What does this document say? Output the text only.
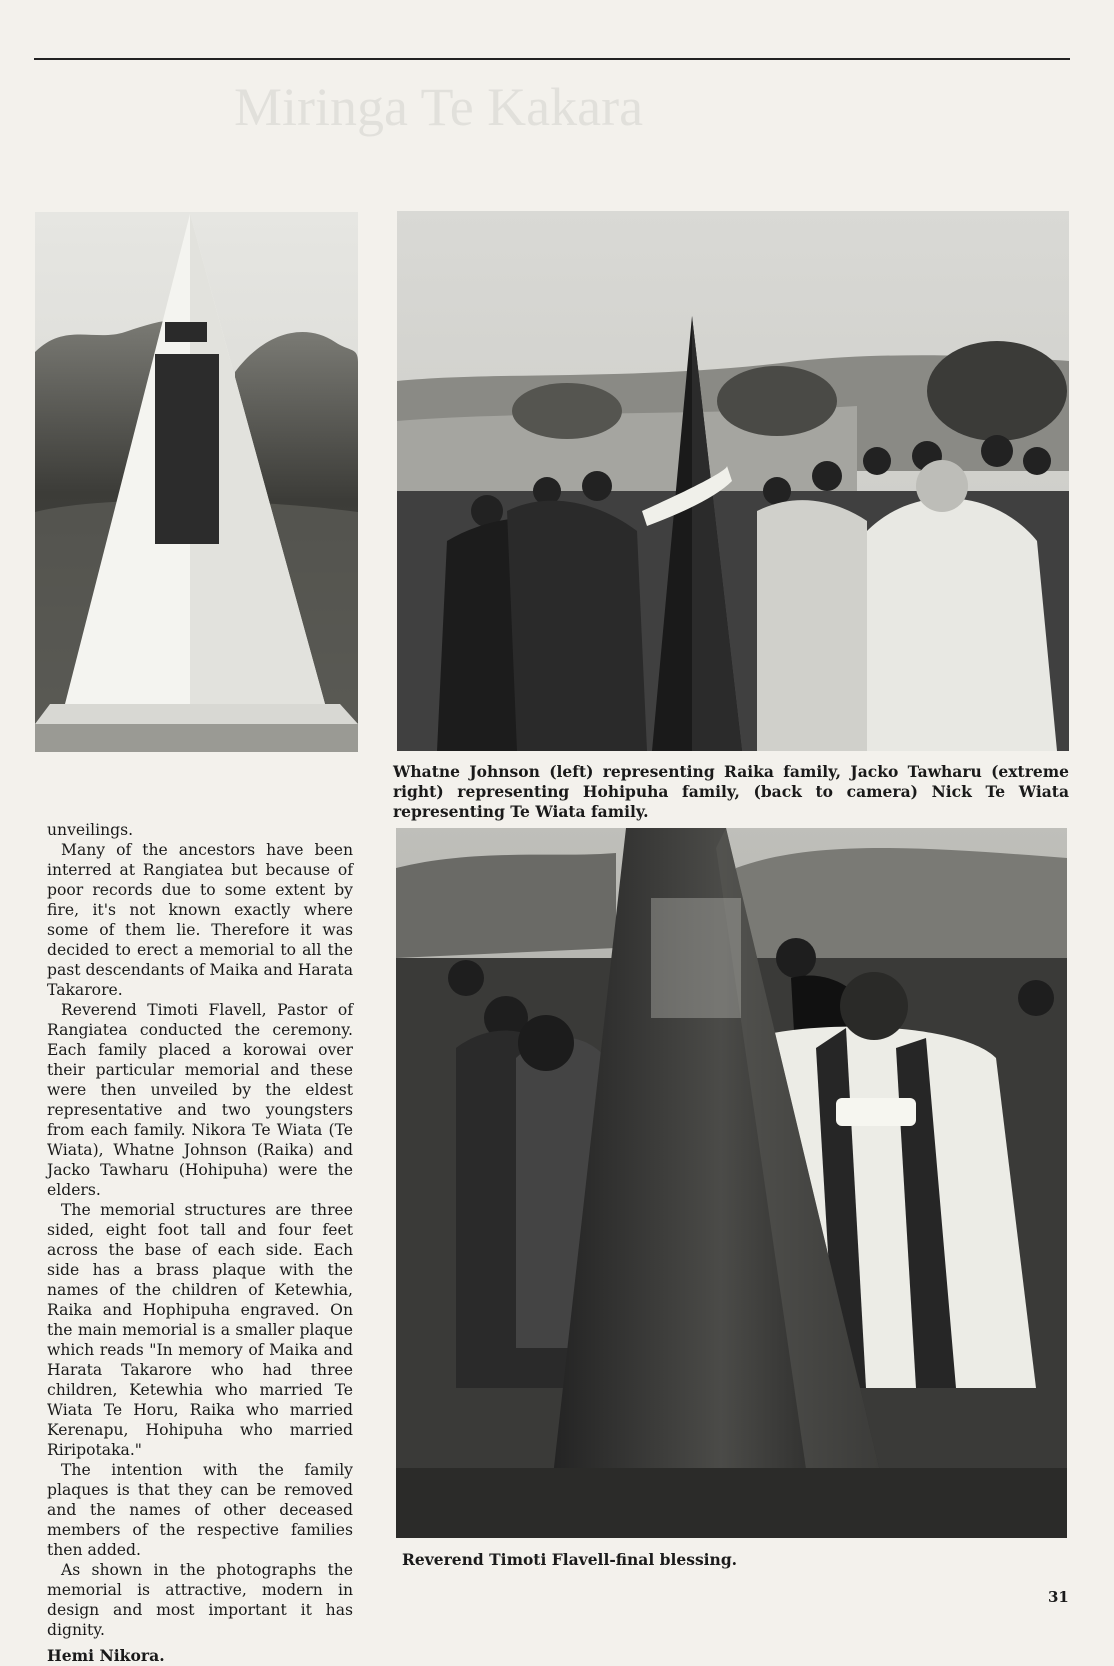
Miringa Te Kakara

Whatne Johnson (left) representing Raika family, Jacko Tawharu (extreme right) representing Hohipuha family, (back to camera) Nick Te Wiata representing Te Wiata family.

unveilings.

Many of the ancestors have been interred at Rangiatea but because of poor records due to some extent by fire, it's not known exactly where some of them lie. Therefore it was decided to erect a memorial to all the past descendants of Maika and Harata Takarore.

Reverend Timoti Flavell, Pastor of Rangiatea conducted the ceremony. Each family placed a korowai over their particular memorial and these were then unveiled by the eldest representative and two youngsters from each family. Nikora Te Wiata (Te Wiata), Whatne Johnson (Raika) and Jacko Tawharu (Hohipuha) were the elders.

The memorial structures are three sided, eight foot tall and four feet across the base of each side. Each side has a brass plaque with the names of the children of Ketewhia, Raika and Hophipuha engraved. On the main memorial is a smaller plaque which reads "In memory of Maika and Harata Takarore who had three children, Ketewhia who married Te Wiata Te Horu, Raika who married Kerenapu, Hohipuha who married Riripotaka."

The intention with the family plaques is that they can be removed and the names of other deceased members of the respective families then added.

As shown in the photographs the memorial is attractive, modern in design and most important it has dignity.

Hemi Nikora.

Reverend Timoti Flavell-final blessing.

31
